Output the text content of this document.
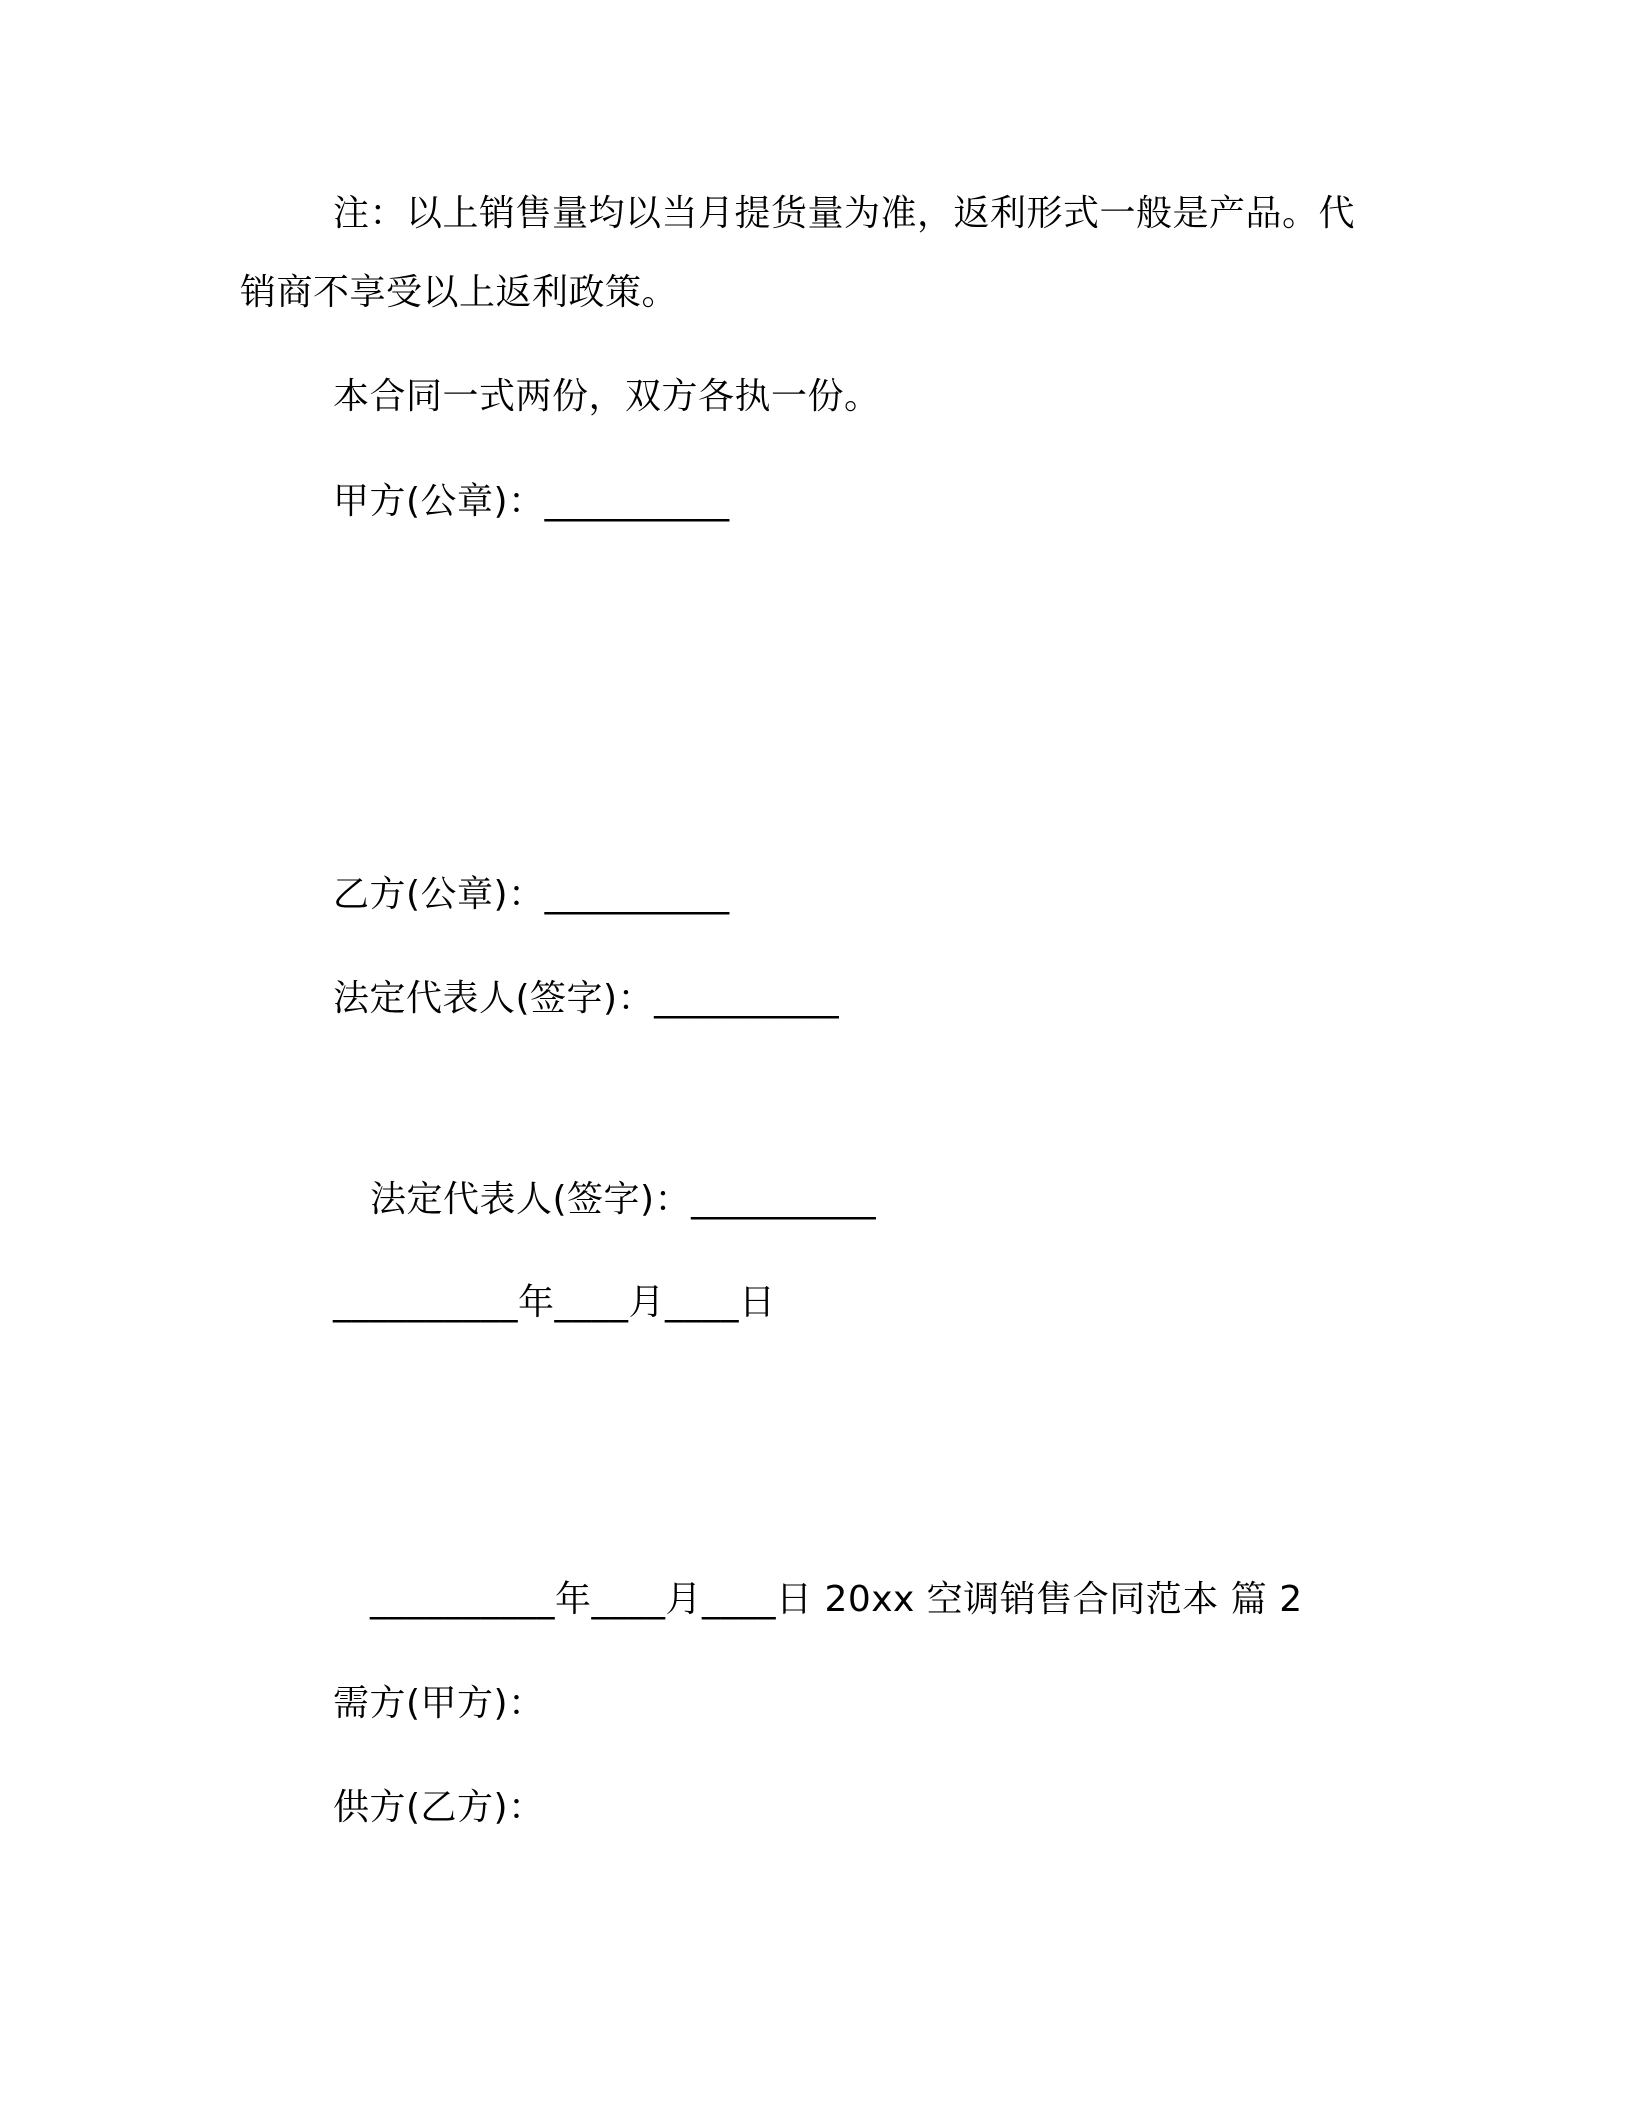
注：以上销售量均以当月提货量为准，返利形式一般是产品。代
销商不享受以上返利政策。
本合同一式两份，双方各执一份。
甲方(公章)：__________
乙方(公章)：__________
法定代表人(签字)：__________
法定代表人(签字)：__________
__________年____月____日
__________年____月____日 20xx 空调销售合同范本 篇 2
需方(甲方)：
供方(乙方)：
